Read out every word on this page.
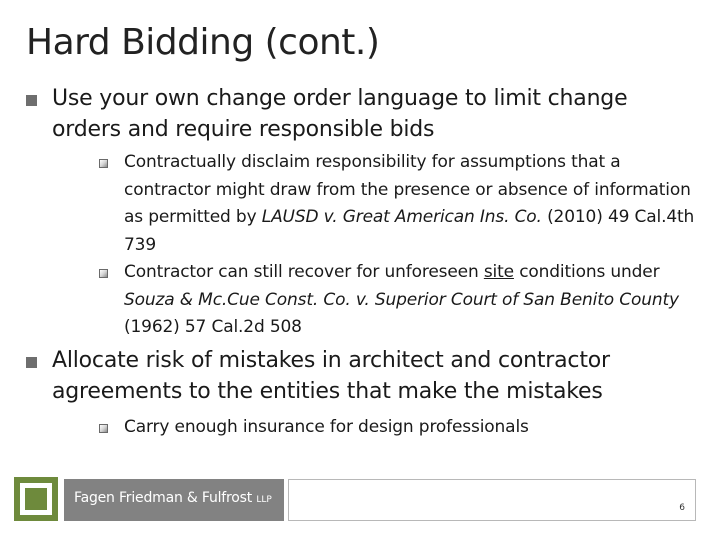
Hard Bidding (cont.)
Use your own change order language to limit change orders and require responsible bids
Contractually disclaim responsibility for assumptions that a contractor might draw from the presence or absence of information as permitted by LAUSD v. Great American Ins. Co. (2010) 49 Cal.4th 739
Contractor can still recover for unforeseen site conditions under Souza & Mc.Cue Const. Co. v. Superior Court of San Benito County (1962) 57 Cal.2d 508
Allocate risk of mistakes in architect and contractor agreements to the entities that make the mistakes
Carry enough insurance for design professionals
Fagen Friedman & Fulfrost LLP
6
